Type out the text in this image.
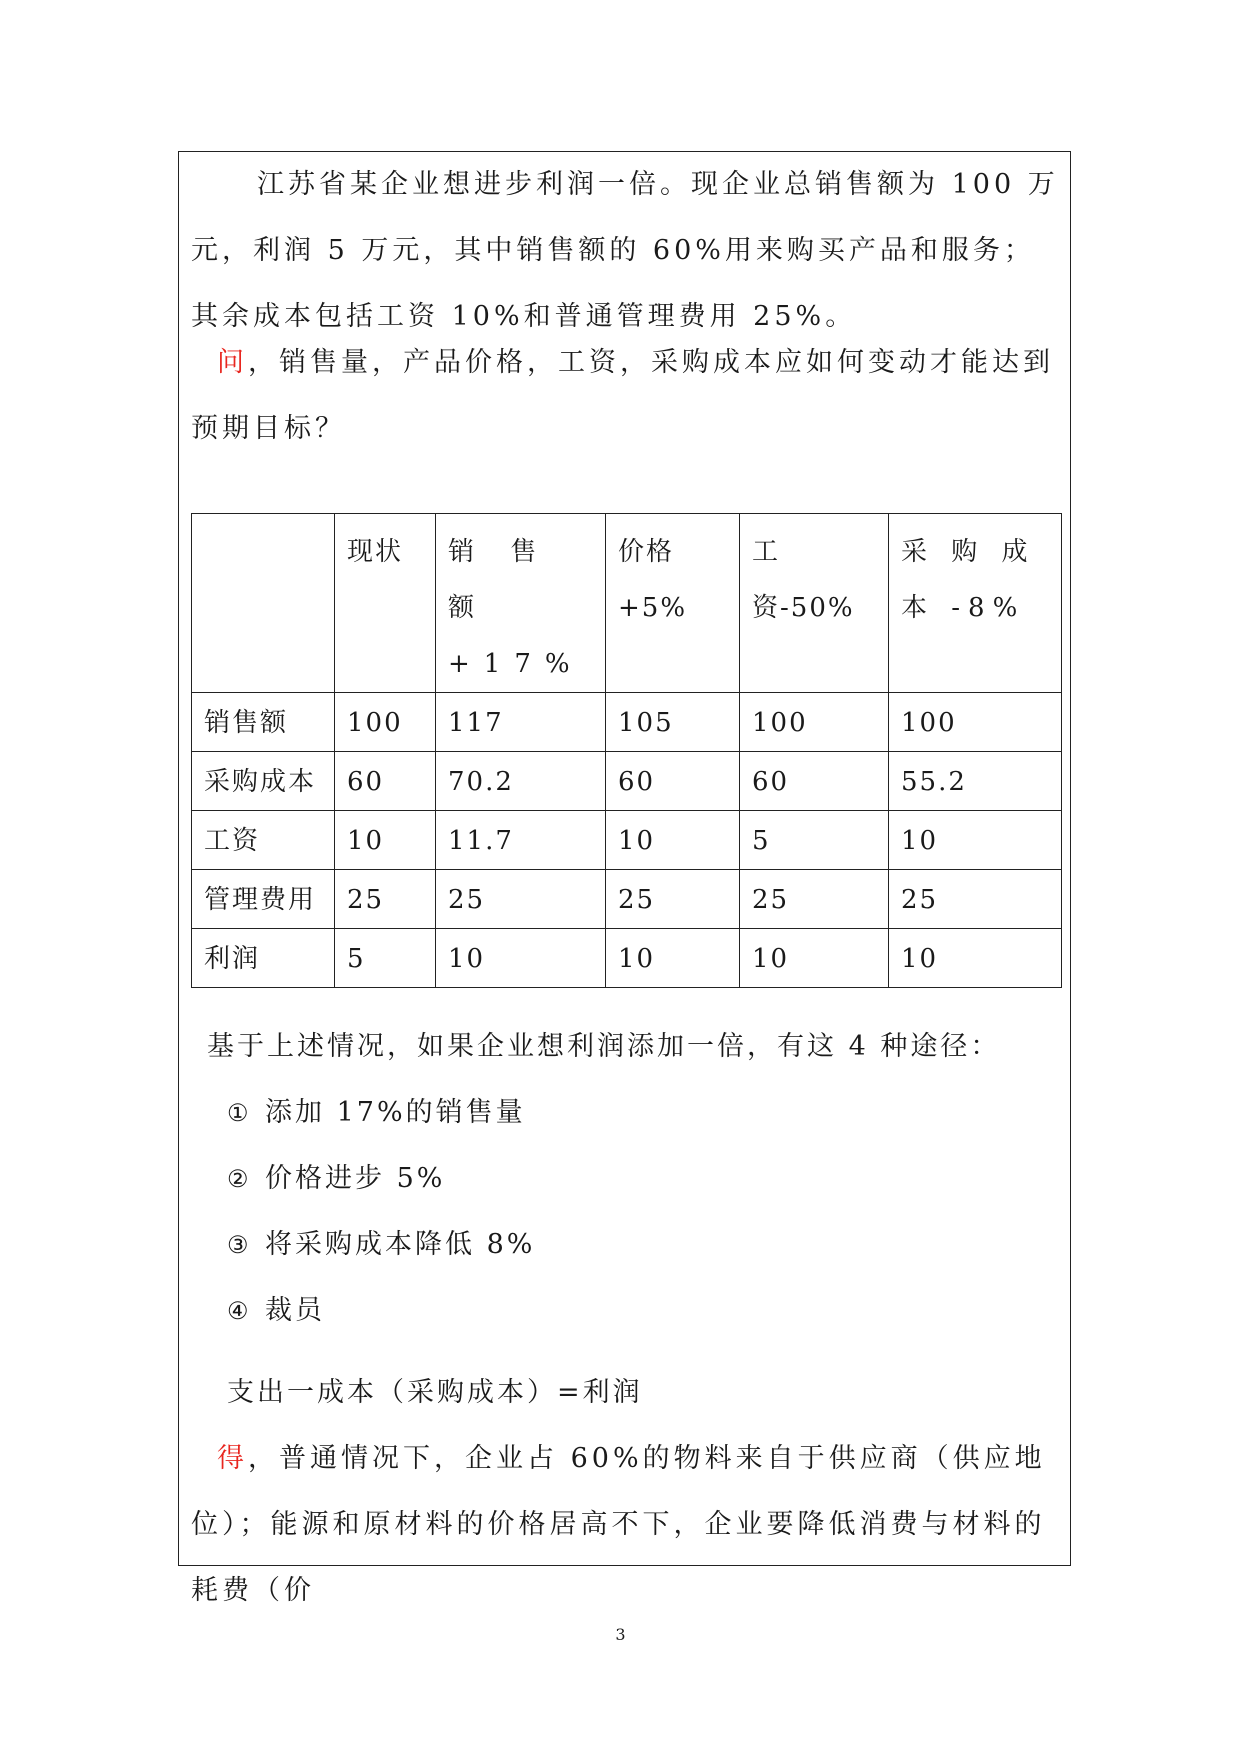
江苏省某企业想进步利润一倍。现企业总销售额为 100 万元，利润 5 万元，其中销售额的 60%用来购买产品和服务；其余成本包括工资 10%和普通管理费用 25%。

问，销售量，产品价格，工资，采购成本应如何变动才能达到预期目标？

	现状	销 售 额 +17%	价格+5%	工资-50%	采 购 成 本 -8%
销售额	100	117	105	100	100
采购成本	60	70.2	60	60	55.2
工资	10	11.7	10	5	10
管理费用	25	25	25	25	25
利润	5	10	10	10	10
基于上述情况，如果企业想利润添加一倍，有这 4 种途径：
① 添加 17%的销售量
② 价格进步 5%
③ 将采购成本降低 8%
④ 裁员
支出一成本（采购成本）=利润

得，普通情况下，企业占 60%的物料来自于供应商（供应地位）；能源和原材料的价格居高不下，企业要降低消费与材料的耗费（价

3
